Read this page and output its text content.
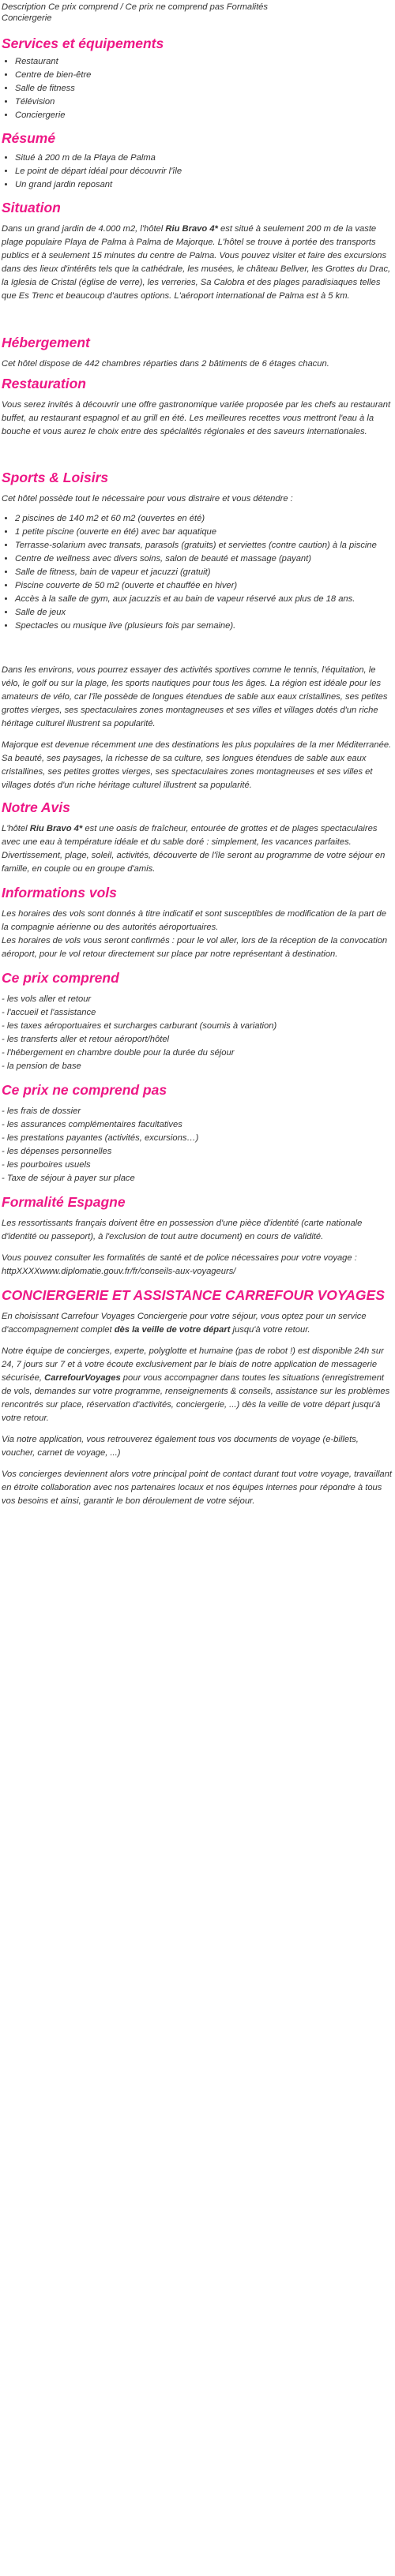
Description Ce prix comprend / Ce prix ne comprend pas Formalités
Conciergerie

Services et équipements
• Restaurant
• Centre de bien-être
• Salle de fitness
• Télévision
• Conciergerie
Résumé
• Situé à 200 m de la Playa de Palma
• Le point de départ idéal pour découvrir l'île
• Un grand jardin reposant
Situation

Dans un grand jardin de 4.000 m2, l'hôtel Riu Bravo 4* est situé à seulement 200 m de la vaste plage populaire Playa de Palma à Palma de Majorque. L'hôtel se trouve à portée des transports publics et à seulement 15 minutes du centre de Palma. Vous pouvez visiter et faire des excursions dans des lieux d'intérêts tels que la cathédrale, les musées, le château Bellver, les Grottes du Drac, la Iglesia de Cristal (église de verre), les verreries, Sa Calobra et des plages paradisiaques telles que Es Trenc et beaucoup d'autres options. L'aéroport international de Palma est à 5 km.

Hébergement

Cet hôtel dispose de 442 chambres réparties dans 2 bâtiments de 6 étages chacun.

Restauration

Vous serez invités à découvrir une offre gastronomique variée proposée par les chefs au restaurant buffet, au restaurant espagnol et au grill en été. Les meilleures recettes vous mettront l'eau à la bouche et vous aurez le choix entre des spécialités régionales et des saveurs internationales.

Sports & Loisirs

Cet hôtel possède tout le nécessaire pour vous distraire et vous détendre :

• 2 piscines de 140 m2 et 60 m2 (ouvertes en été)
• 1 petite piscine (ouverte en été) avec bar aquatique
• Terrasse-solarium avec transats, parasols (gratuits) et serviettes (contre caution) à la piscine
• Centre de wellness avec divers soins, salon de beauté et massage (payant)
• Salle de fitness, bain de vapeur et jacuzzi (gratuit)
• Piscine couverte de 50 m2 (ouverte et chauffée en hiver)
• Accès à la salle de gym, aux jacuzzis et au bain de vapeur réservé aux plus de 18 ans.
• Salle de jeux
• Spectacles ou musique live (plusieurs fois par semaine).

Dans les environs, vous pourrez essayer des activités sportives comme le tennis, l'équitation, le vélo, le golf ou sur la plage, les sports nautiques pour tous les âges. La région est idéale pour les amateurs de vélo, car l'île possède de longues étendues de sable aux eaux cristallines, ses petites grottes vierges, ses spectaculaires zones montagneuses et ses villes et villages dotés d'un riche héritage culturel illustrent sa popularité.

Majorque est devenue récemment une des destinations les plus populaires de la mer Méditerranée. Sa beauté, ses paysages, la richesse de sa culture, ses longues étendues de sable aux eaux cristallines, ses petites grottes vierges, ses spectaculaires zones montagneuses et ses villes et villages dotés d'un riche héritage culturel illustrent sa popularité.

Notre Avis

L'hôtel Riu Bravo 4* est une oasis de fraîcheur, entourée de grottes et de plages spectaculaires avec une eau à température idéale et du sable doré : simplement, les vacances parfaites. Divertissement, plage, soleil, activités, découverte de l'île seront au programme de votre séjour en famille, en couple ou en groupe d'amis.

Informations vols

Les horaires des vols sont donnés à titre indicatif et sont susceptibles de modification de la part de la compagnie aérienne ou des autorités aéroportuaires.

Les horaires de vols vous seront confirmés : pour le vol aller, lors de la réception de la convocation aéroport, pour le vol retour directement sur place par notre représentant à destination.

Ce prix comprend
- les vols aller et retour
- l'accueil et l'assistance
- les taxes aéroportuaires et surcharges carburant (soumis à variation)
- les transferts aller et retour aéroport/hôtel
- l'hébergement en chambre double pour la durée du séjour
- la pension de base
Ce prix ne comprend pas
- les frais de dossier
- les assurances complémentaires facultatives
- les prestations payantes (activités, excursions…)
- les dépenses personnelles
- les pourboires usuels
- Taxe de séjour à payer sur place
Formalité Espagne

Les ressortissants français doivent être en possession d'une pièce d'identité (carte nationale d'identité ou passeport), à l'exclusion de tout autre document) en cours de validité.

Vous pouvez consulter les formalités de santé et de police nécessaires pour votre voyage : httpXXXXwww.diplomatie.gouv.fr/fr/conseils-aux-voyageurs/

CONCIERGERIE ET ASSISTANCE CARREFOUR VOYAGES

En choisissant Carrefour Voyages Conciergerie pour votre séjour, vous optez pour un service d'accompagnement complet dès la veille de votre départ jusqu'à votre retour.

Notre équipe de concierges, experte, polyglotte et humaine (pas de robot !) est disponible 24h sur 24, 7 jours sur 7 et à votre écoute exclusivement par le biais de notre application de messagerie sécurisée, CarrefourVoyages pour vous accompagner dans toutes les situations (enregistrement de vols, demandes sur votre programme, renseignements & conseils, assistance sur les problèmes rencontrés sur place, réservation d'activités, conciergerie, ...) dès la veille de votre départ jusqu'à votre retour.

Via notre application, vous retrouverez également tous vos documents de voyage (e-billets, voucher, carnet de voyage, ...)

Vos concierges deviennent alors votre principal point de contact durant tout votre voyage, travaillant en étroite collaboration avec nos partenaires locaux et nos équipes internes pour répondre à tous vos besoins et ainsi, garantir le bon déroulement de votre séjour.
